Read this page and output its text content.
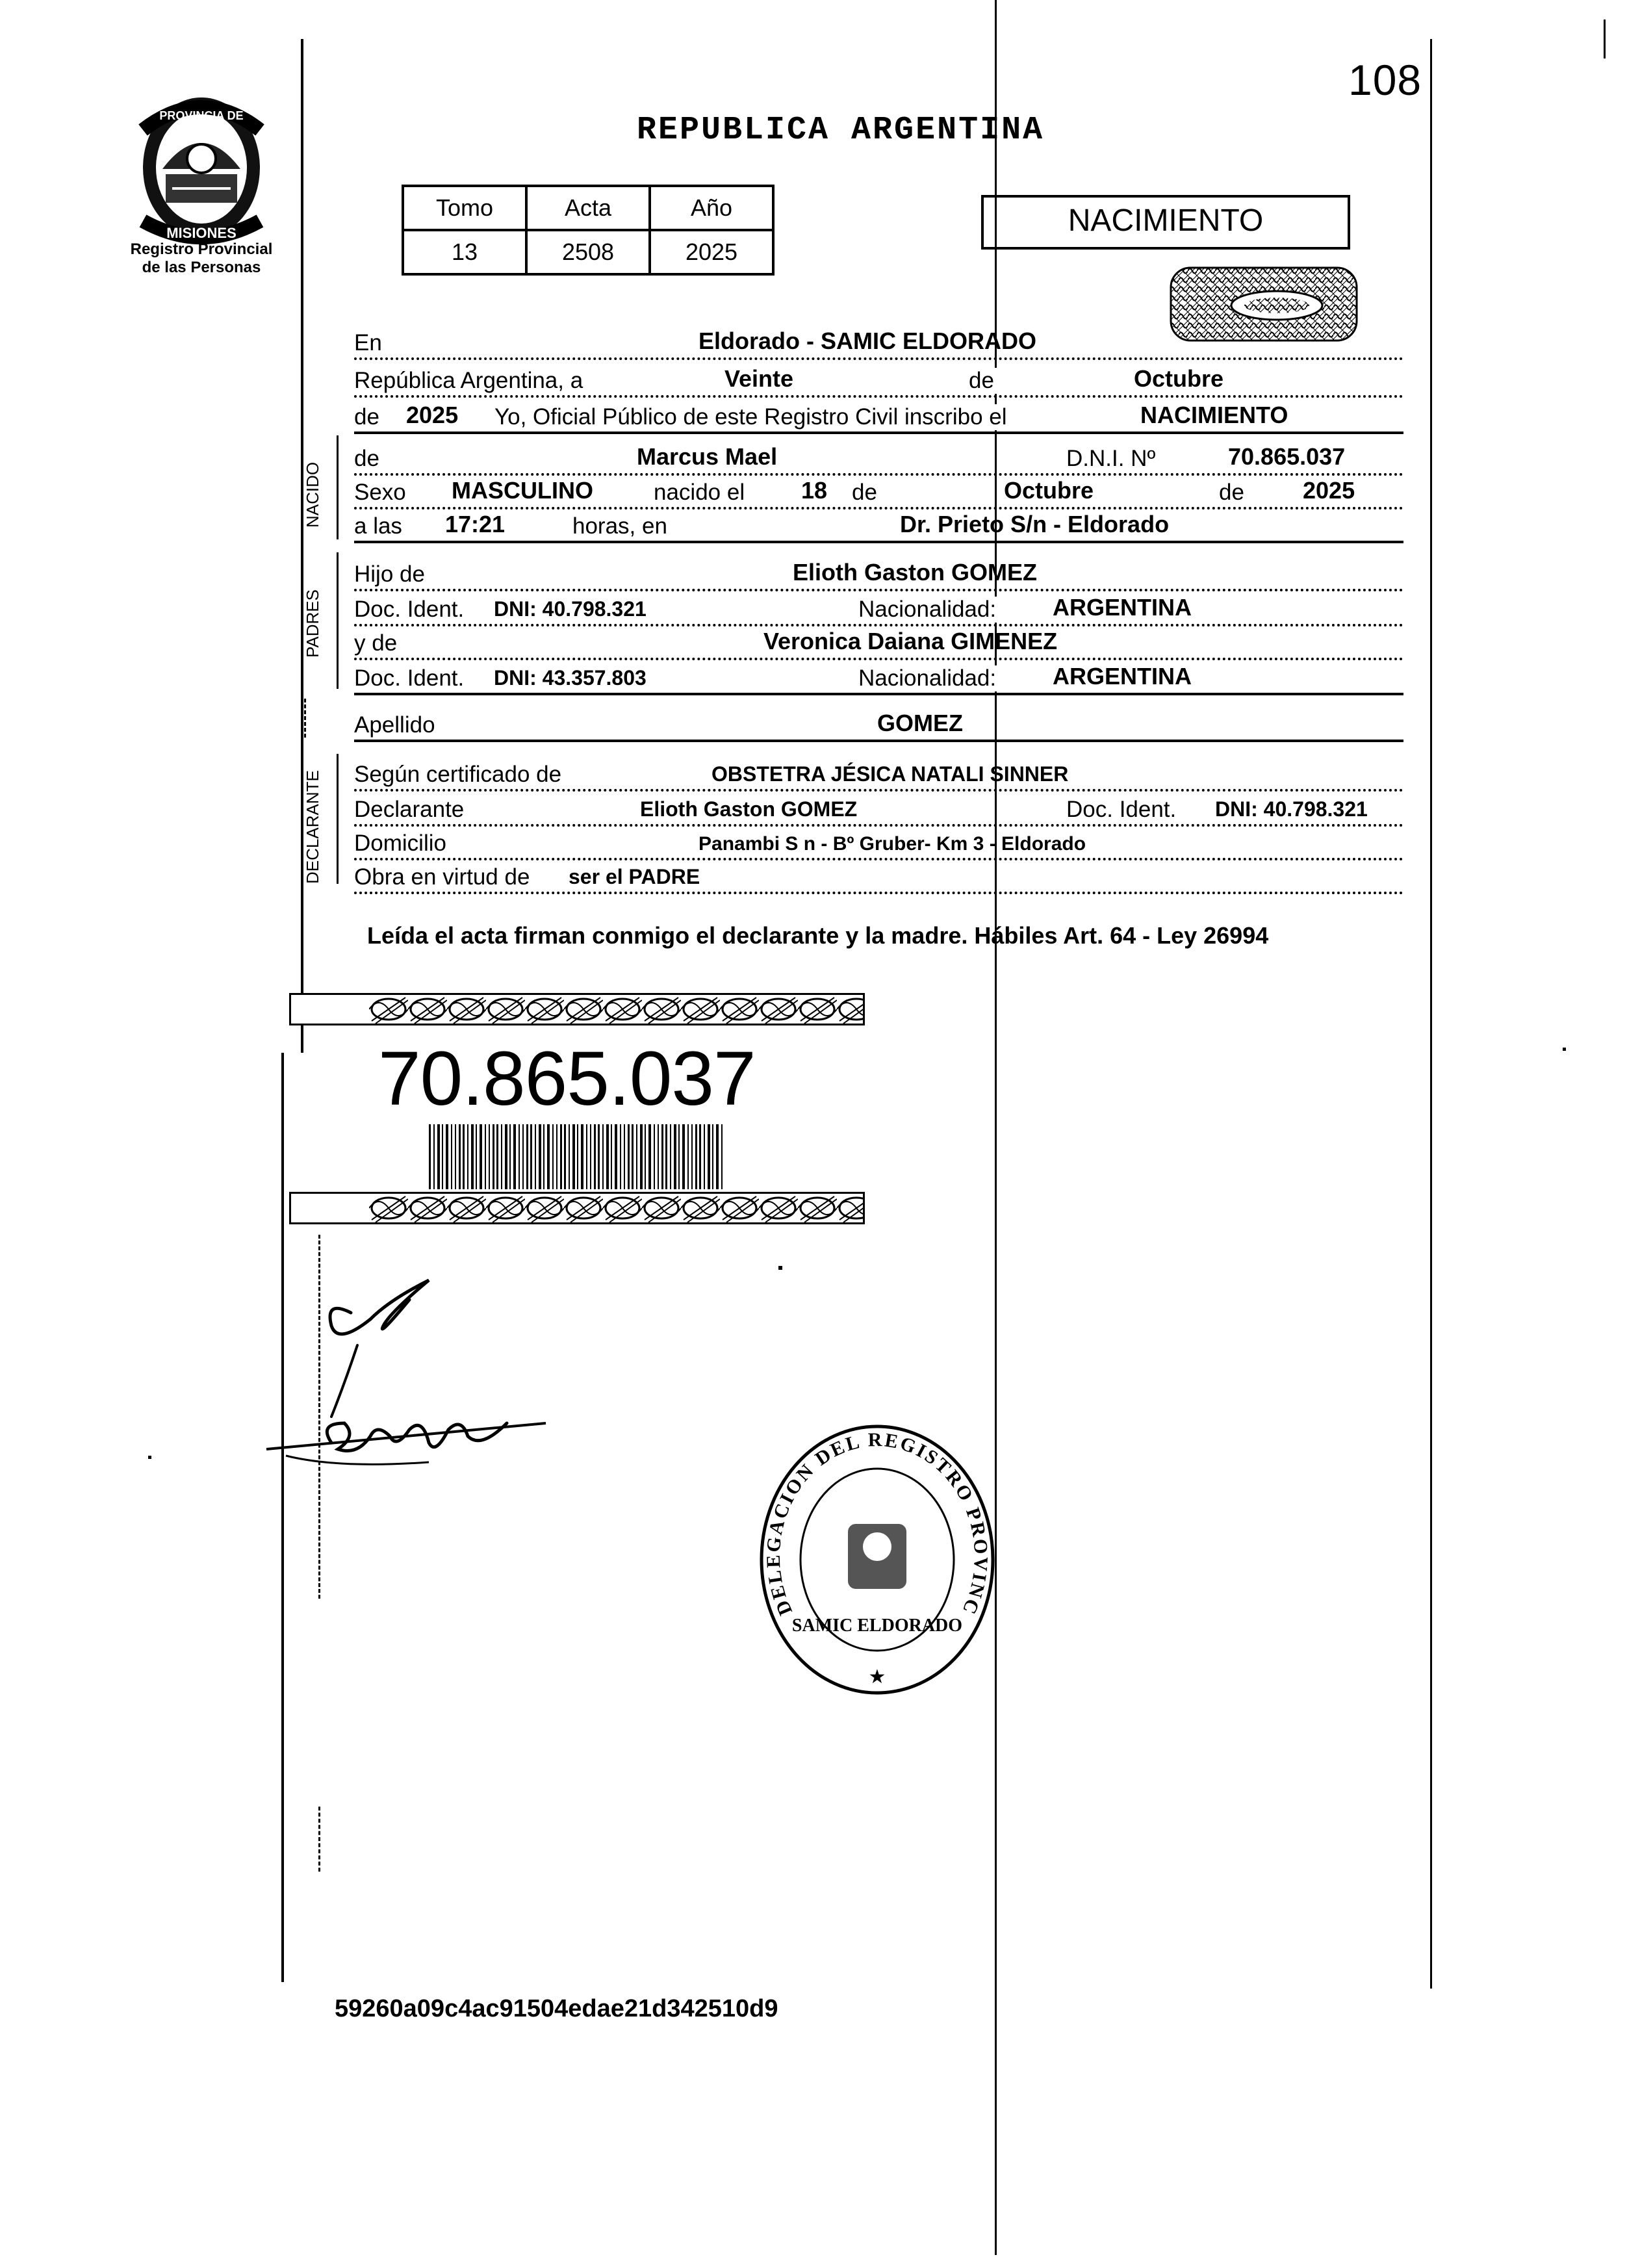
PROVINCIA DE
MISIONES
Registro Provincial
de las Personas
108
REPUBLICA ARGENTINA
Tomo	Acta	Año
13	2508	2025
NACIMIENTO
En	Eldorado - SAMIC ELDORADO
República Argentina, a	Veinte	de	Octubre
de 2025 Yo, Oficial Público de este Registro Civil inscribo el	NACIMIENTO
NACIDO
de	Marcus Mael	D.N.I. Nº	70.865.037
Sexo MASCULINO	nacido el 18 de	Octubre	de	2025
a las 17:21	horas, en	Dr. Prieto S/n - Eldorado
PADRES
Hijo de	Elioth Gaston GOMEZ
Doc. Ident. DNI: 40.798.321	Nacionalidad: ARGENTINA
y de	Veronica Daiana GIMENEZ
Doc. Ident. DNI: 43.357.803	Nacionalidad: ARGENTINA
Apellido	GOMEZ
DECLARANTE Según certificado de	OBSTETRA JÉSICA NATALI SINNER
Declarante	Elioth Gaston GOMEZ	Doc. Ident. DNI: 40.798.321
Domicilio	Panambi S n - Bº Gruber- Km 3 - Eldorado
Obra en virtud de ser el PADRE
Leída el acta firman conmigo el declarante y la madre. Hábiles Art. 64 - Ley 26994
70.865.037
DELEGACION DEL REGISTRO PROVINC
SAMIC ELDORADO
★
59260a09c4ac91504edae21d342510d9
